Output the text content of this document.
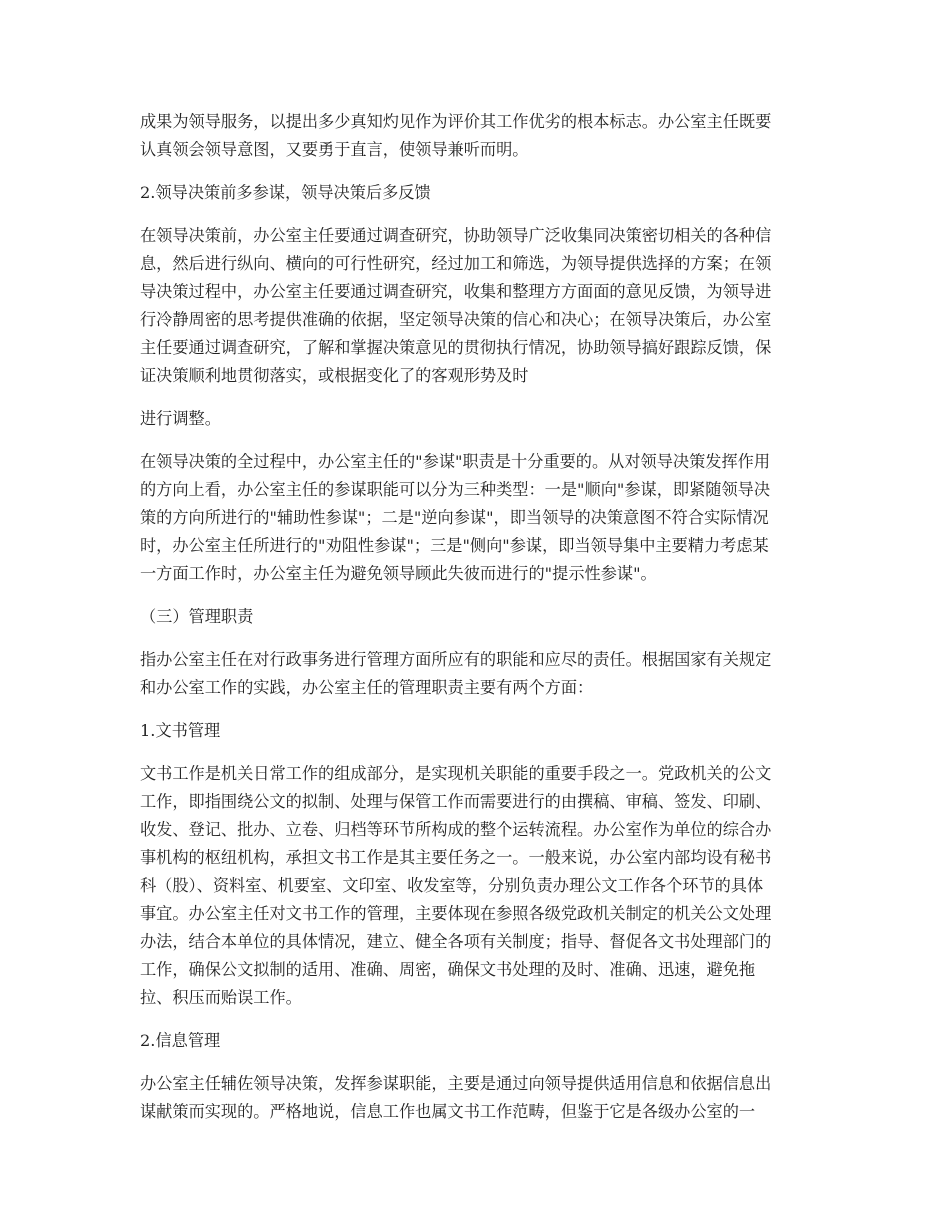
成果为领导服务，以提出多少真知灼见作为评价其工作优劣的根本标志。办公室主任既要
认真领会领导意图，又要勇于直言，使领导兼听而明。

2.领导决策前多参谋，领导决策后多反馈

在领导决策前，办公室主任要通过调查研究，协助领导广泛收集同决策密切相关的各种信
息，然后进行纵向、横向的可行性研究，经过加工和筛选，为领导提供选择的方案；在领
导决策过程中，办公室主任要通过调查研究，收集和整理方方面面的意见反馈，为领导进
行冷静周密的思考提供准确的依据，坚定领导决策的信心和决心；在领导决策后，办公室
主任要通过调查研究，了解和掌握决策意见的贯彻执行情况，协助领导搞好跟踪反馈，保
证决策顺利地贯彻落实，或根据变化了的客观形势及时

进行调整。

在领导决策的全过程中，办公室主任的"参谋"职责是十分重要的。从对领导决策发挥作用
的方向上看，办公室主任的参谋职能可以分为三种类型：一是"顺向"参谋，即紧随领导决
策的方向所进行的"辅助性参谋"；二是"逆向参谋"，即当领导的决策意图不符合实际情况
时，办公室主任所进行的"劝阻性参谋"；三是"侧向"参谋，即当领导集中主要精力考虑某
一方面工作时，办公室主任为避免领导顾此失彼而进行的"提示性参谋"。

（三）管理职责

指办公室主任在对行政事务进行管理方面所应有的职能和应尽的责任。根据国家有关规定
和办公室工作的实践，办公室主任的管理职责主要有两个方面：

1.文书管理

文书工作是机关日常工作的组成部分，是实现机关职能的重要手段之一。党政机关的公文
工作，即指围绕公文的拟制、处理与保管工作而需要进行的由撰稿、审稿、签发、印刷、
收发、登记、批办、立卷、归档等环节所构成的整个运转流程。办公室作为单位的综合办
事机构的枢纽机构，承担文书工作是其主要任务之一。一般来说，办公室内部均设有秘书
科（股）、资料室、机要室、文印室、收发室等，分别负责办理公文工作各个环节的具体
事宜。办公室主任对文书工作的管理，主要体现在参照各级党政机关制定的机关公文处理
办法，结合本单位的具体情况，建立、健全各项有关制度；指导、督促各文书处理部门的
工作，确保公文拟制的适用、准确、周密，确保文书处理的及时、准确、迅速，避免拖
拉、积压而贻误工作。

2.信息管理

办公室主任辅佐领导决策，发挥参谋职能，主要是通过向领导提供适用信息和依据信息出
谋献策而实现的。严格地说，信息工作也属文书工作范畴，但鉴于它是各级办公室的一
